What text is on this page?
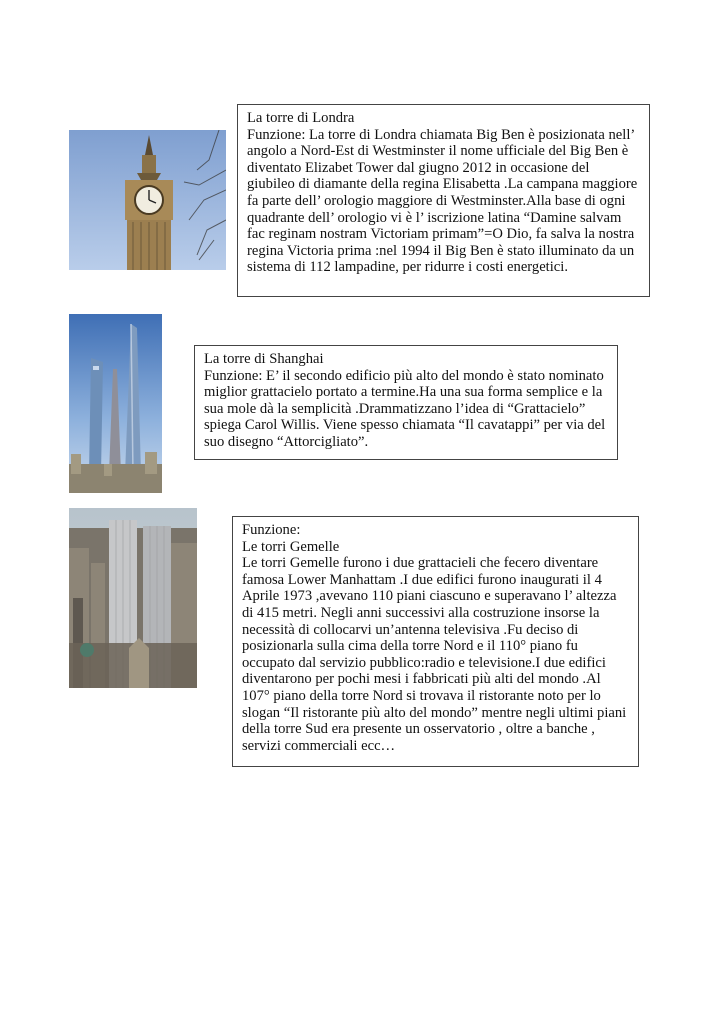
La torre di Londra
Funzione: La torre di Londra chiamata Big Ben è posizionata nell’
angolo a Nord-Est di Westminster il nome ufficiale del Big Ben è
diventato Elizabet Tower dal giugno 2012 in occasione del
giubileo di diamante della regina Elisabetta .La campana maggiore
fa parte dell’ orologio maggiore di Westminster.Alla base di ogni
quadrante dell’ orologio vi è l’ iscrizione latina “Damine salvam
fac reginam nostram Victoriam primam”=O Dio, fa salva la nostra
regina Victoria prima :nel 1994 il Big Ben è stato illuminato da un
sistema di 112 lampadine, per ridurre i costi energetici.
La torre di Shanghai
Funzione: E’ il secondo edificio più alto del mondo è stato nominato
miglior grattacielo portato a termine.Ha una sua forma semplice e la
sua mole dà la semplicità .Drammatizzano l’idea di “Grattacielo”
spiega Carol Willis. Viene spesso chiamata “Il cavatappi” per via del
suo disegno “Attorcigliato”.
Funzione:
Le torri Gemelle
Le torri Gemelle furono i due grattacieli che fecero diventare
famosa Lower Manhattam .I due edifici furono inaugurati il 4
Aprile 1973 ,avevano 110 piani ciascuno e superavano l’ altezza
di 415 metri. Negli anni successivi alla costruzione insorse la
necessità di collocarvi un’antenna televisiva .Fu deciso di
posizionarla sulla cima della torre Nord e il 110° piano fu
occupato dal servizio pubblico:radio e televisione.I due edifici
diventarono per pochi mesi i fabbricati più alti del mondo .Al
107° piano della torre Nord si trovava il ristorante noto per lo
slogan “Il ristorante più alto del mondo” mentre negli ultimi piani
della torre Sud era presente un osservatorio , oltre a banche ,
servizi commerciali ecc…
